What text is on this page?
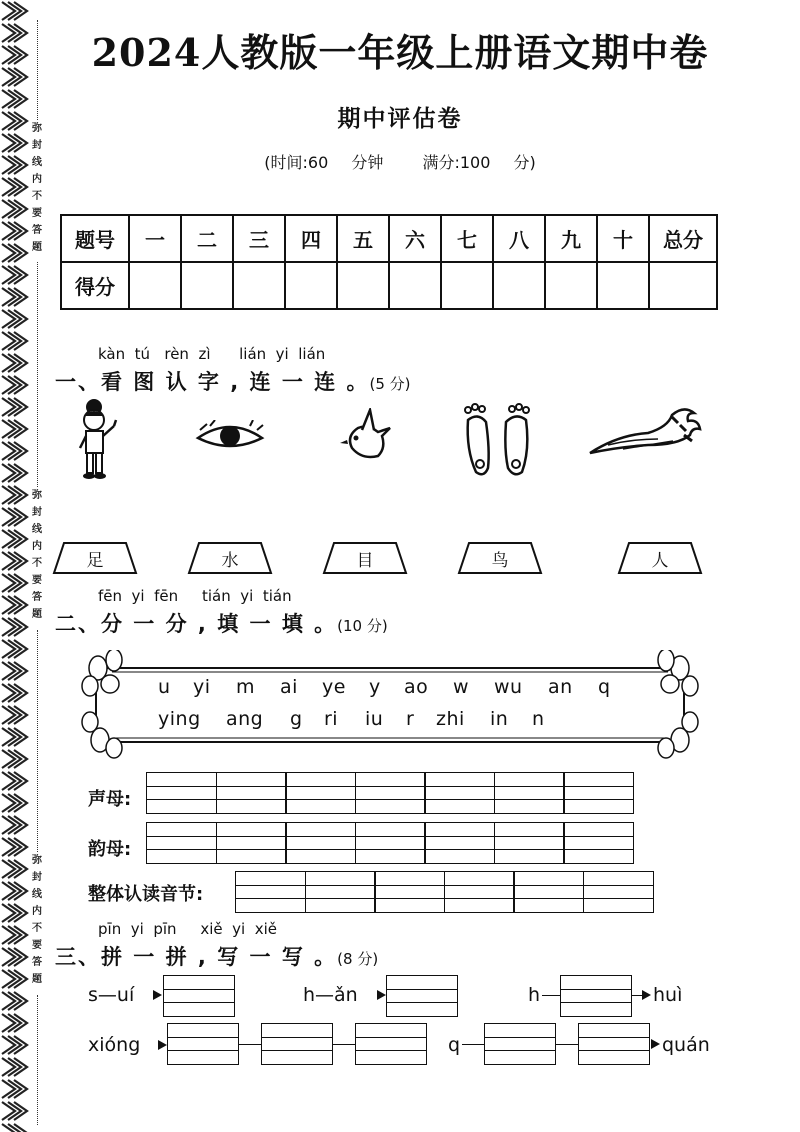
弥
封
线
内
不
要
答
题
弥
封
线
内
不
要
答
题
弥
封
线
内
不
要
答
题
2024人教版一年级上册语文期中卷
期中评估卷
(时间:60 分钟　 满分:100 分)
题号	一	二	三	四	五	六	七	八	九	十	总分
得分											
kàn  tú   rèn  zì      lián  yi  lián
一、看 图 认 字 , 连 一 连 。(5 分)
足	水	目	鸟	人
fēn  yi  fēn     tián  yi  tián
二、分 一 分 , 填 一 填 。(10 分)
u yi m ai ye y ao w wu an q
ying ang g ri iu r zhi in n
声母:
韵母:
整体认读音节:
pīn  yi  pīn     xiě  yi  xiě
三、拼 一 拼 , 写 一 写 。(8 分)
s—uí	h—ǎn	h	huì
xióng	q	quán
